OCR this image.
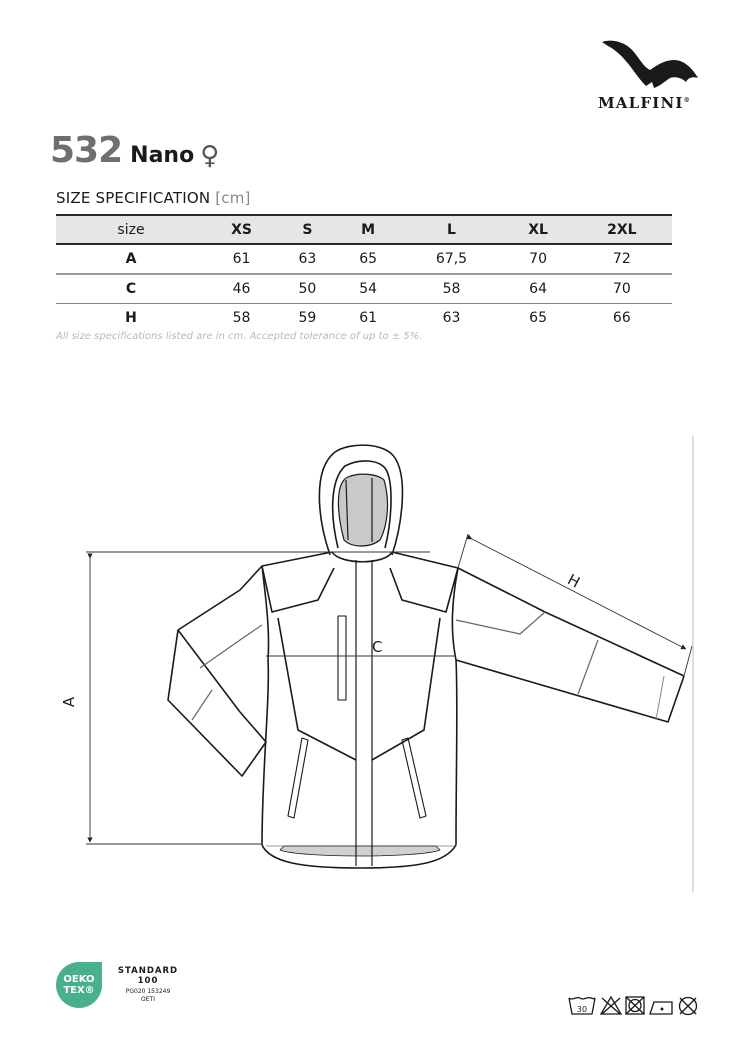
MALFINI®
532 Nano ♀
SIZE SPECIFICATION [cm]
size	XS	S	M	L	XL	2XL
A	61	63	65	67,5	70	72
C	46	50	54	58	64	70
H	58	59	61	63	65	66
All size specifications listed are in cm. Accepted tolerance of up to ± 5%.
A
C
H
OEKO
TEX®
STANDARD
100
PG020 153249
OETI
30
